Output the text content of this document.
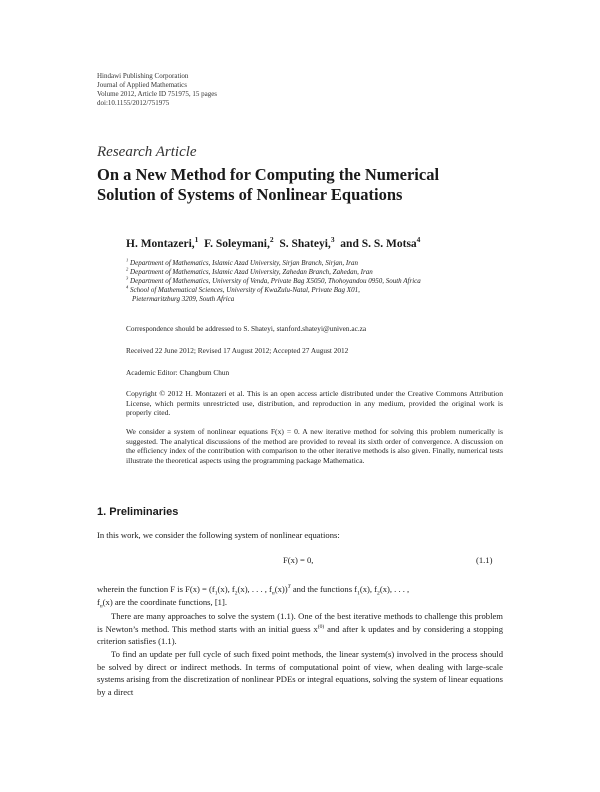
Hindawi Publishing Corporation
Journal of Applied Mathematics
Volume 2012, Article ID 751975, 15 pages
doi:10.1155/2012/751975
Research Article
On a New Method for Computing the Numerical
Solution of Systems of Nonlinear Equations
H. Montazeri,$^1$ F. Soleymani,$^2$ S. Shateyi,$^3$ and S. S. Motsa$^4$
$^1$ Department of Mathematics, Islamic Azad University, Sirjan Branch, Sirjan, Iran
$^2$ Department of Mathematics, Islamic Azad University, Zahedan Branch, Zahedan, Iran
$^3$ Department of Mathematics, University of Venda, Private Bag X5050, Thohoyandou 0950, South Africa
$^4$ School of Mathematical Sciences, University of KwaZulu-Natal, Private Bag X01,
Pietermaritzburg 3209, South Africa
Correspondence should be addressed to S. Shateyi, stanford.shateyi@univen.ac.za
Received 22 June 2012; Revised 17 August 2012; Accepted 27 August 2012
Academic Editor: Changbum Chun
Copyright © 2012 H. Montazeri et al. This is an open access article distributed under the Creative Commons Attribution License, which permits unrestricted use, distribution, and reproduction in any medium, provided the original work is properly cited.
We consider a system of nonlinear equations F(x) = 0. A new iterative method for solving this problem numerically is suggested. The analytical discussions of the method are provided to reveal its sixth order of convergence. A discussion on the efficiency index of the contribution with comparison to the other iterative methods is also given. Finally, numerical tests illustrate the theoretical aspects using the programming package Mathematica.
1. Preliminaries
In this work, we consider the following system of nonlinear equations:
F(x) = 0,	(1.1)
wherein the function F is $F(x) = (f_1(x)$, $f_2(x)$, . . . , $f_n(x))^T$ and the functions $f_1(x)$, $f_2(x)$, . . . ,
$f_n(x)$ are the coordinate functions, [1].
There are many approaches to solve the system (1.1). One of the best iterative methods to challenge this problem is Newton’s method. This method starts with an initial guess $x^{(0)}$ and after k updates and by considering a stopping criterion satisfies (1.1).
To find an update per full cycle of such fixed point methods, the linear system(s) involved in the process should be solved by direct or indirect methods. In terms of computational point of view, when dealing with large-scale systems arising from the discretization of nonlinear PDEs or integral equations, solving the system of linear equations by a direct
